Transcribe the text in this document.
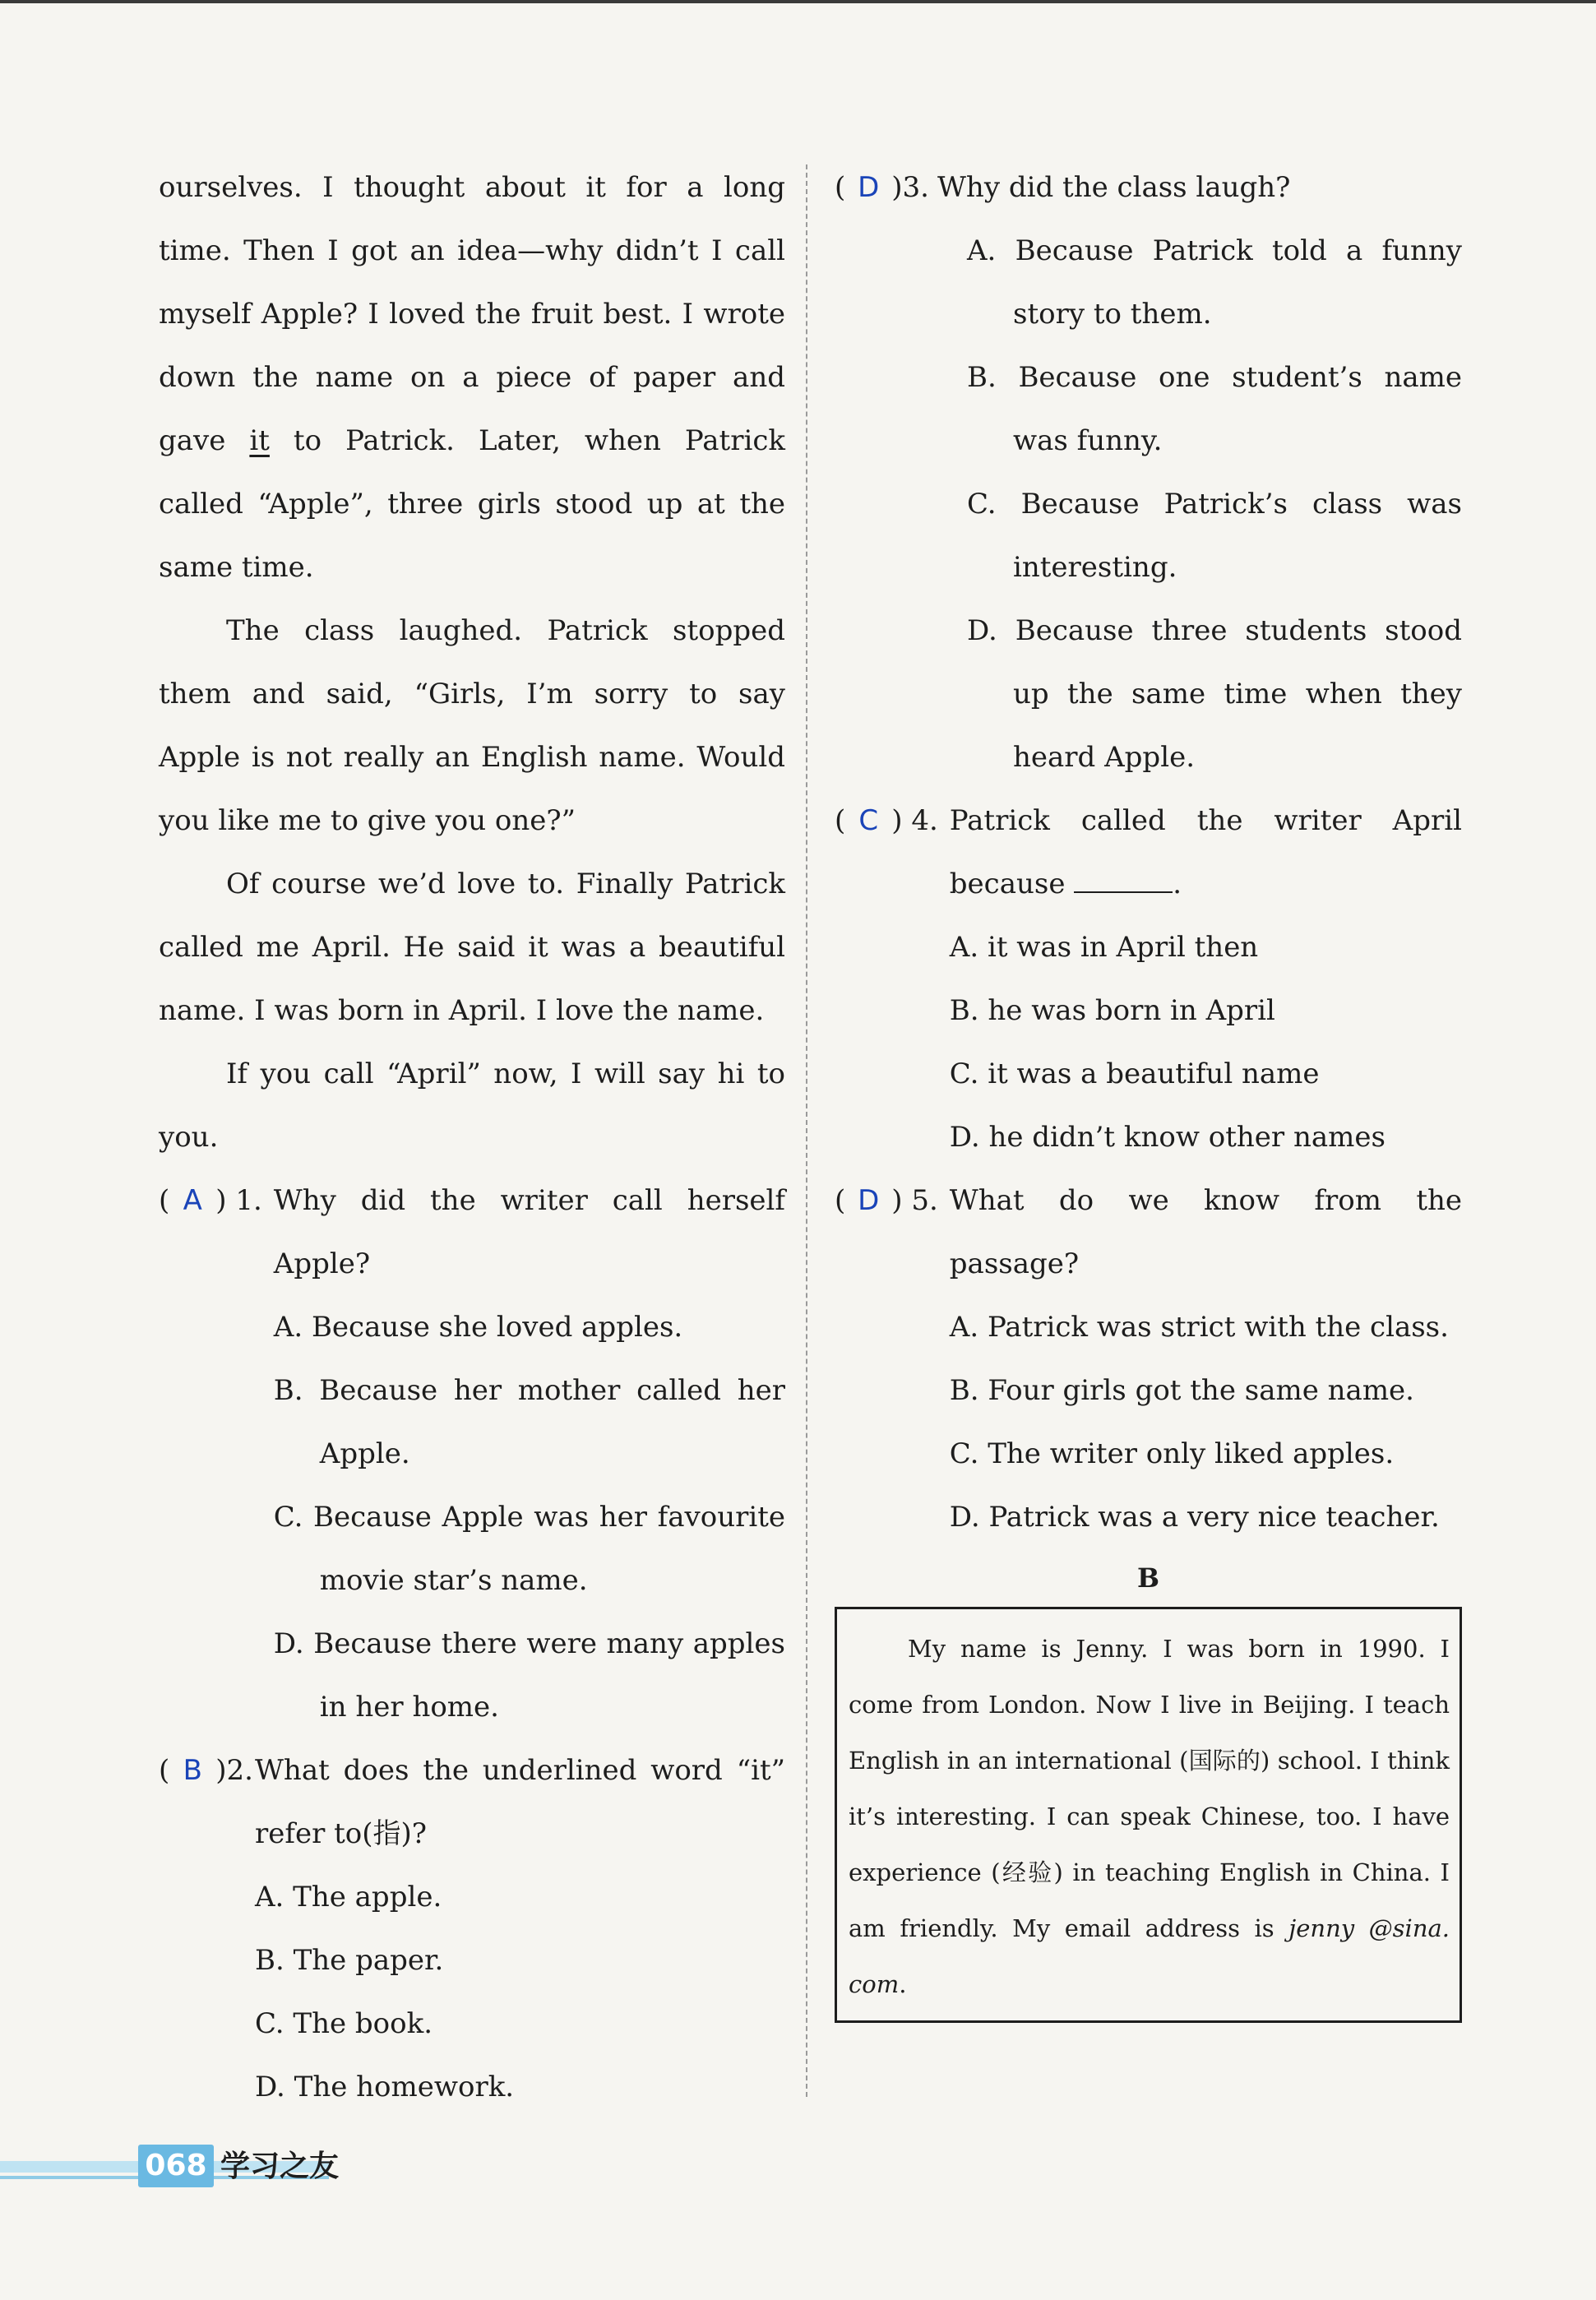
ourselves. I thought about it for a long time. Then I got an idea—why didn’t I call myself Apple? I loved the fruit best. I wrote down the name on a piece of paper and gave it to Patrick. Later, when Patrick called “Apple”, three girls stood up at the same time.

The class laughed. Patrick stopped them and said, “Girls, I’m sorry to say Apple is not really an English name. Would you like me to give you one?”

Of course we’d love to. Finally Patrick called me April. He said it was a beautiful name. I was born in April. I love the name.

If you call “April” now, I will say hi to you.

( A ) 1. Why did the writer call herself Apple?
A. Because she loved apples.
B. Because her mother called her Apple.
C. Because Apple was her favourite movie star’s name.
D. Because there were many apples in her home.
( B )2. What does the underlined word “it” refer to(指)?
A. The apple.
B. The paper.
C. The book.
D. The homework.
( D )3. Why did the class laugh?
A. Because Patrick told a funny story to them.
B. Because one student’s name was funny.
C. Because Patrick’s class was interesting.
D. Because three students stood up the same time when they heard Apple.
( C ) 4. Patrick called the writer April because	.
A. it was in April then
B. he was born in April
C. it was a beautiful name
D. he didn’t know other names
( D ) 5. What do we know from the passage?
A. Patrick was strict with the class.
B. Four girls got the same name.
C. The writer only liked apples.
D. Patrick was a very nice teacher.

B

My name is Jenny. I was born in 1990. I come from London. Now I live in Beijing. I teach English in an international (国际的) school. I think it’s interesting. I can speak Chinese, too. I have experience (经验) in teaching English in China. I am friendly. My email address is jenny @sina. com.
068 学习之友
